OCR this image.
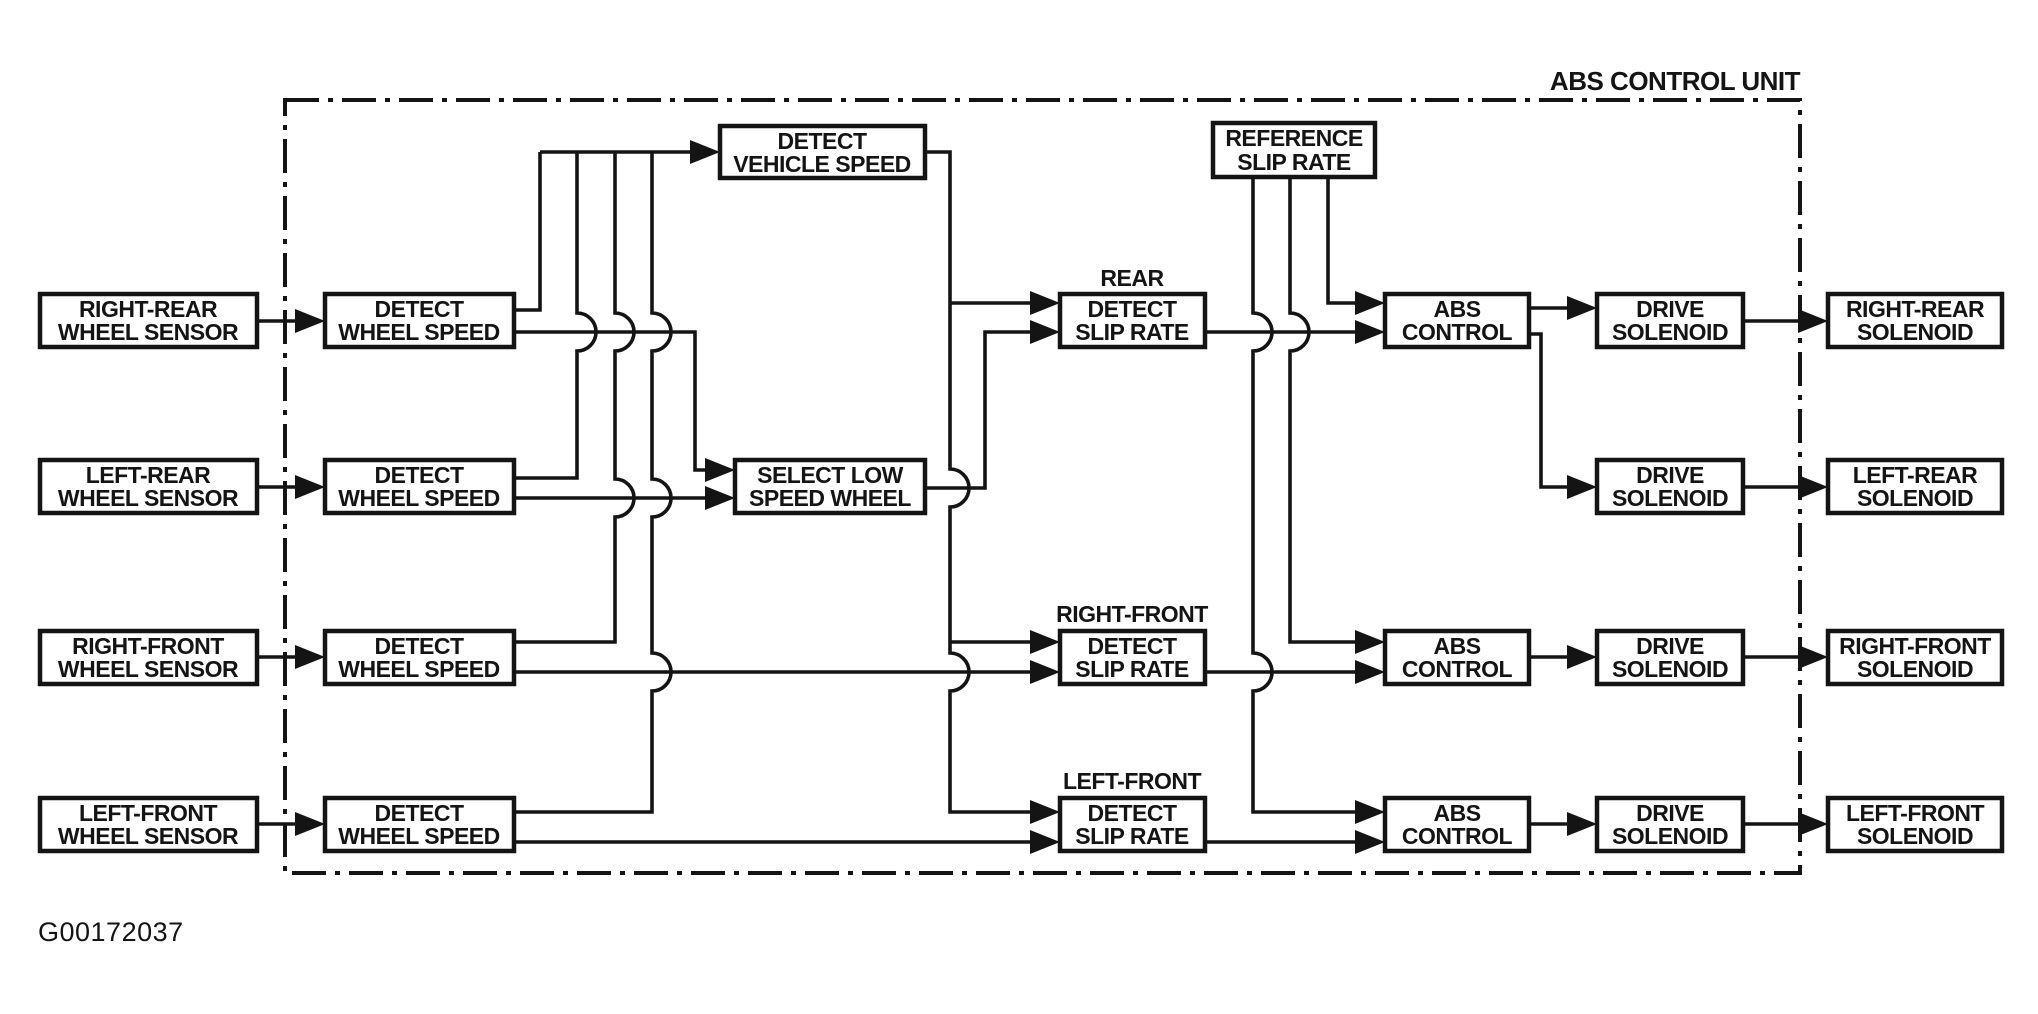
ABS CONTROL UNIT
RIGHT-REAR WHEEL SENSOR
LEFT-REAR WHEEL SENSOR
RIGHT-FRONT WHEEL SENSOR
LEFT-FRONT WHEEL SENSOR
DETECT WHEEL SPEED
DETECT WHEEL SPEED
DETECT WHEEL SPEED
DETECT WHEEL SPEED
DETECT VEHICLE SPEED
SELECT LOW SPEED WHEEL
REFERENCE SLIP RATE
REAR
DETECT SLIP RATE
RIGHT-FRONT
DETECT SLIP RATE
LEFT-FRONT
DETECT SLIP RATE
ABS CONTROL
ABS CONTROL
ABS CONTROL
DRIVE SOLENOID
DRIVE SOLENOID
DRIVE SOLENOID
DRIVE SOLENOID
RIGHT-REAR SOLENOID
LEFT-REAR SOLENOID
RIGHT-FRONT SOLENOID
LEFT-FRONT SOLENOID
G00172037
